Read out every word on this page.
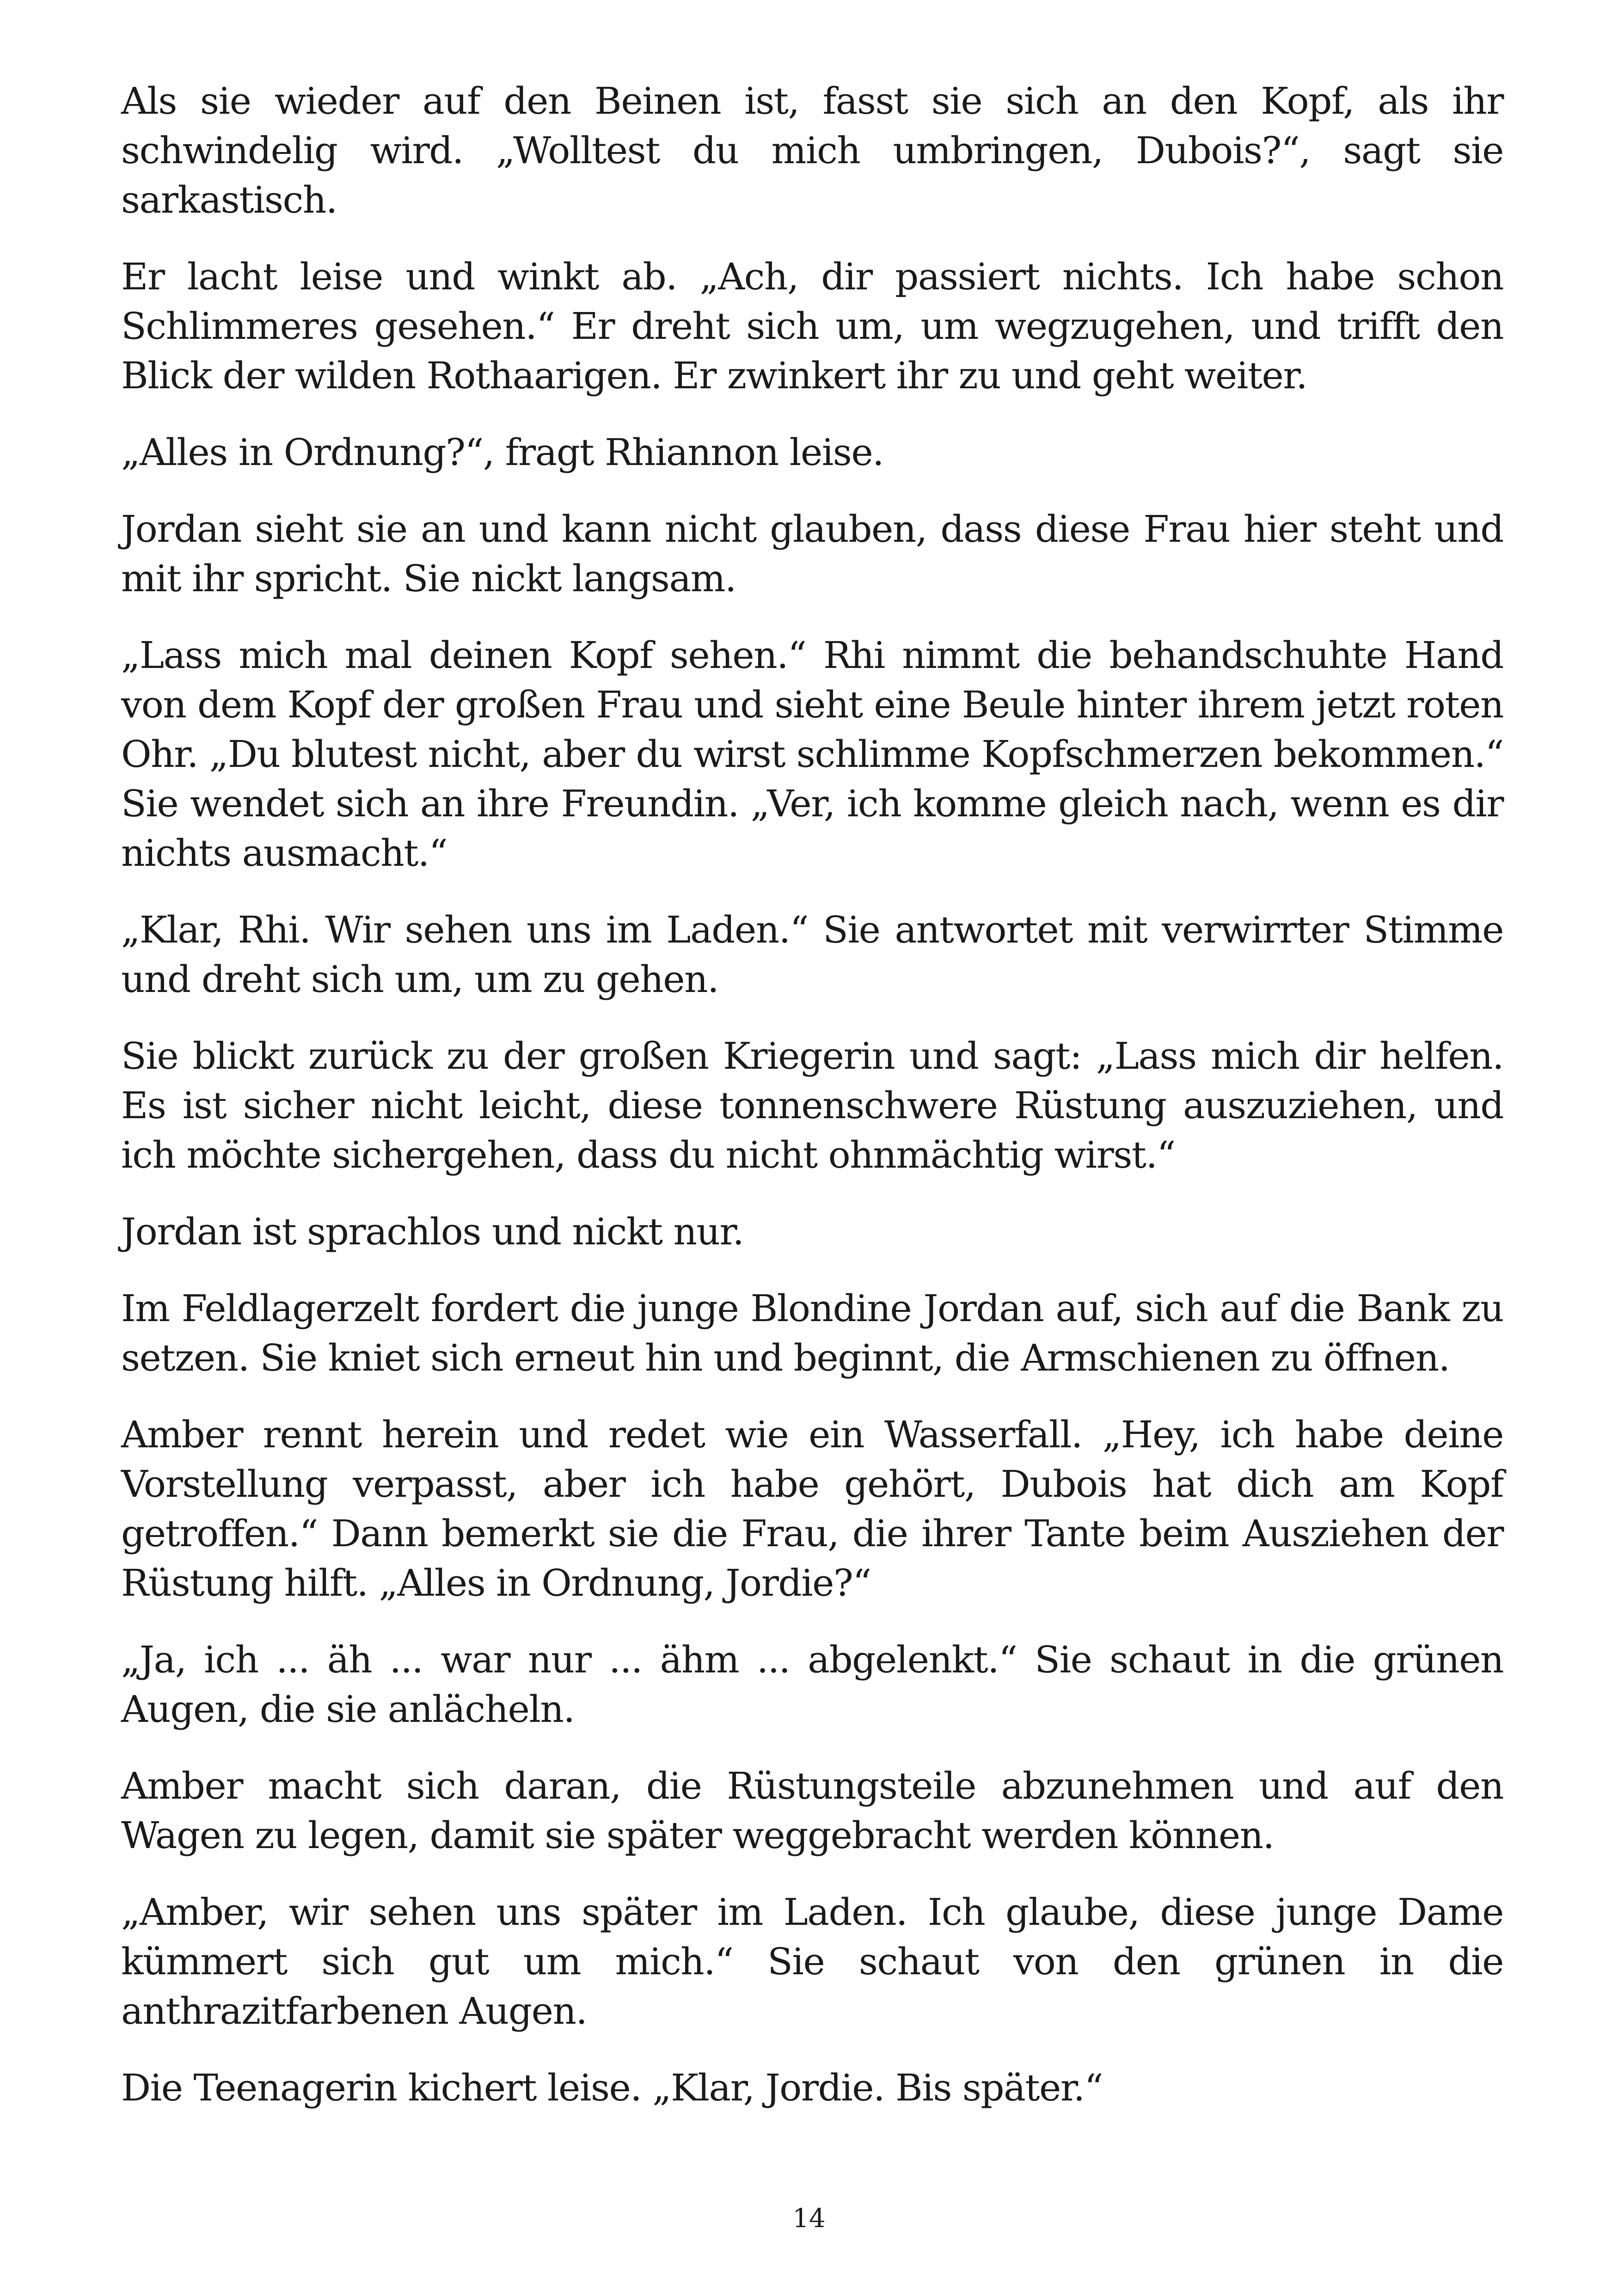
Als sie wieder auf den Beinen ist, fasst sie sich an den Kopf, als ihr schwindelig wird. „Wolltest du mich umbringen, Dubois?“, sagt sie sarkastisch.

Er lacht leise und winkt ab. „Ach, dir passiert nichts. Ich habe schon Schlimmeres gesehen.“ Er dreht sich um, um wegzugehen, und trifft den Blick der wilden Rothaarigen. Er zwinkert ihr zu und geht weiter.

„Alles in Ordnung?“, fragt Rhiannon leise.

Jordan sieht sie an und kann nicht glauben, dass diese Frau hier steht und mit ihr spricht. Sie nickt langsam.

„Lass mich mal deinen Kopf sehen.“ Rhi nimmt die behandschuhte Hand von dem Kopf der großen Frau und sieht eine Beule hinter ihrem jetzt roten Ohr. „Du blutest nicht, aber du wirst schlimme Kopfschmerzen bekommen.“ Sie wendet sich an ihre Freundin. „Ver, ich komme gleich nach, wenn es dir nichts ausmacht.“

„Klar, Rhi. Wir sehen uns im Laden.“ Sie antwortet mit verwirrter Stimme und dreht sich um, um zu gehen.

Sie blickt zurück zu der großen Kriegerin und sagt: „Lass mich dir helfen. Es ist sicher nicht leicht, diese tonnenschwere Rüstung auszuziehen, und ich möchte sichergehen, dass du nicht ohnmächtig wirst.“

Jordan ist sprachlos und nickt nur.

Im Feldlagerzelt fordert die junge Blondine Jordan auf, sich auf die Bank zu setzen. Sie kniet sich erneut hin und beginnt, die Armschienen zu öffnen.

Amber rennt herein und redet wie ein Wasserfall. „Hey, ich habe deine Vorstellung verpasst, aber ich habe gehört, Dubois hat dich am Kopf getroffen.“ Dann bemerkt sie die Frau, die ihrer Tante beim Ausziehen der Rüstung hilft. „Alles in Ordnung, Jordie?“

„Ja, ich ... äh ... war nur ... ähm ... abgelenkt.“ Sie schaut in die grünen Augen, die sie anlächeln.

Amber macht sich daran, die Rüstungsteile abzunehmen und auf den Wagen zu legen, damit sie später weggebracht werden können.

„Amber, wir sehen uns später im Laden. Ich glaube, diese junge Dame kümmert sich gut um mich.“ Sie schaut von den grünen in die anthrazitfarbenen Augen.

Die Teenagerin kichert leise. „Klar, Jordie. Bis später.“

14
